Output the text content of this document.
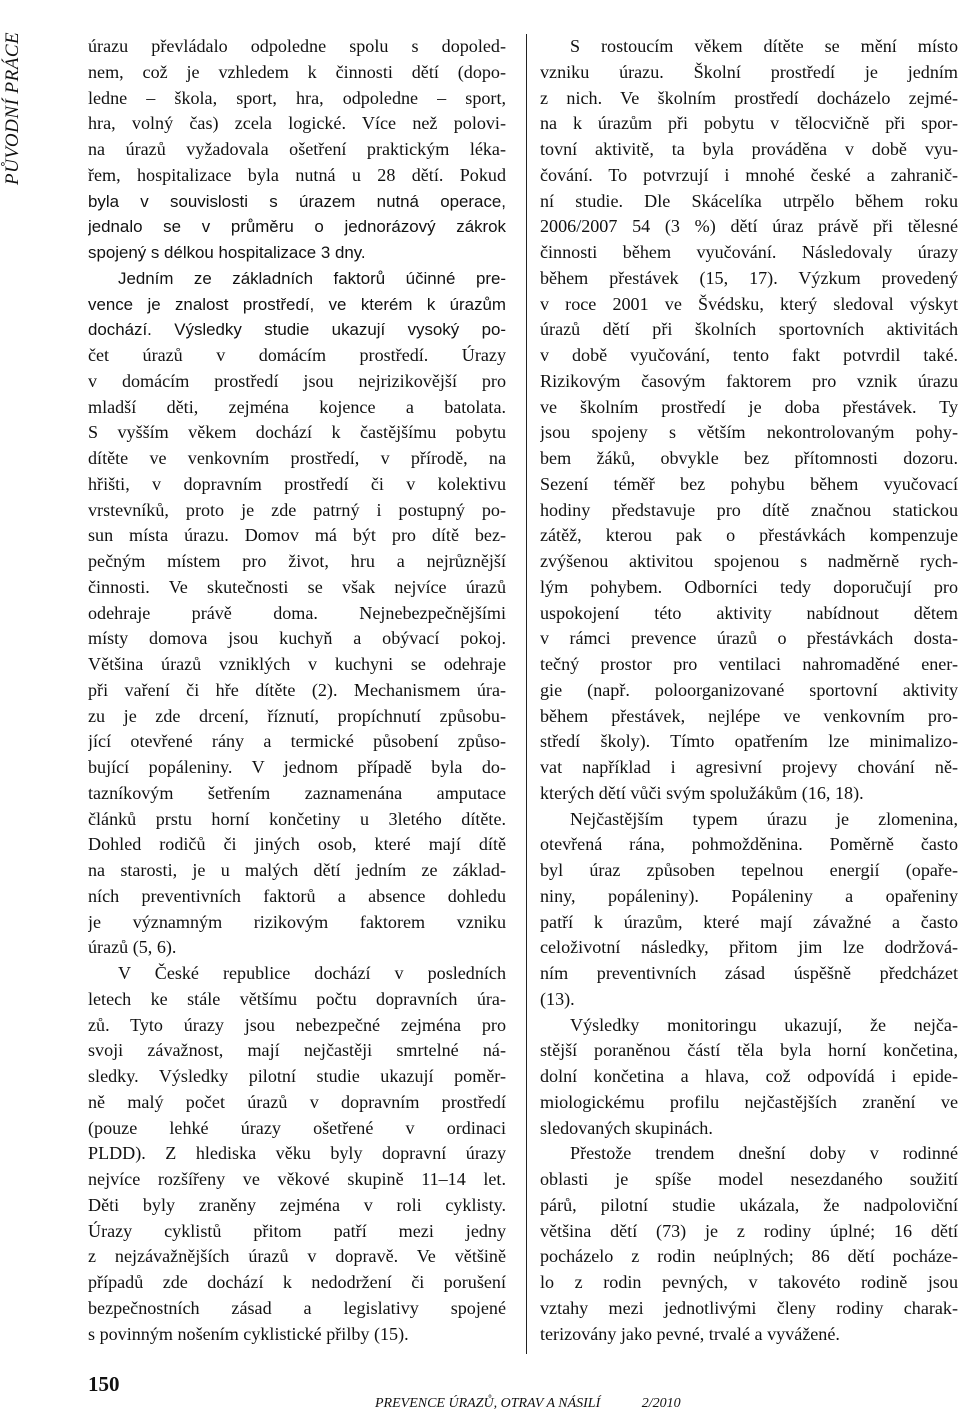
PŮVODNÍ PRÁCE	úrazu převládalo odpoledne spolu s dopoled-
nem, což je vzhledem k činnosti dětí (dopo-
ledne – škola, sport, hra, odpoledne – sport,
hra, volný čas) zcela logické. Více než polovi-
na úrazů vyžadovala ošetření praktickým léka-
řem, hospitalizace byla nutná u 28 dětí. Pokud
byla v souvislosti s úrazem nutná operace,
jednalo se v průměru o jednorázový zákrok
spojený s délkou hospitalizace 3 dny.
Jedním ze základních faktorů účinné pre-
vence je znalost prostředí, ve kterém k úrazům
dochází. Výsledky studie ukazují vysoký po-
čet úrazů v domácím prostředí. Úrazy
v domácím prostředí jsou nejrizikovější pro
mladší děti, zejména kojence a batolata.
S vyšším věkem dochází k častějšímu pobytu
dítěte ve venkovním prostředí, v přírodě, na
hřišti, v dopravním prostředí či v kolektivu
vrstevníků, proto je zde patrný i postupný po-
sun místa úrazu. Domov má být pro dítě bez-
pečným místem pro život, hru a nejrůznější
činnosti. Ve skutečnosti se však nejvíce úrazů
odehraje právě doma. Nejnebezpečnějšími
místy domova jsou kuchyň a obývací pokoj.
Většina úrazů vzniklých v kuchyni se odehraje
při vaření či hře dítěte (2). Mechanismem úra-
zu je zde drcení, říznutí, propíchnutí způsobu-
jící otevřené rány a termické působení způso-
bující popáleniny. V jednom případě byla do-
tazníkovým šetřením zaznamenána amputace
článků prstu horní končetiny u 3letého dítěte.
Dohled rodičů či jiných osob, které mají dítě
na starosti, je u malých dětí jedním ze základ-
ních preventivních faktorů a absence dohledu
je významným rizikovým faktorem vzniku
úrazů (5, 6).
V České republice dochází v posledních
letech ke stále většímu počtu dopravních úra-
zů. Tyto úrazy jsou nebezpečné zejména pro
svoji závažnost, mají nejčastěji smrtelné ná-
sledky. Výsledky pilotní studie ukazují poměr-
ně malý počet úrazů v dopravním prostředí
(pouze lehké úrazy ošetřené v ordinaci
PLDD). Z hlediska věku byly dopravní úrazy
nejvíce rozšířeny ve věkové skupině 11–14 let.
Děti byly zraněny zejména v roli cyklisty.
Úrazy cyklistů přitom patří mezi jedny
z nejzávažnějších úrazů v dopravě. Ve většině
případů zde dochází k nedodržení či porušení
bezpečnostních zásad a legislativy spojené
s povinným nošením cyklistické přilby (15).
S rostoucím věkem dítěte se mění místo
vzniku úrazu. Školní prostředí je jedním
z nich. Ve školním prostředí docházelo zejmé-
na k úrazům při pobytu v tělocvičně při spor-
tovní aktivitě, ta byla prováděna v době vyu-
čování. To potvrzují i mnohé české a zahranič-
ní studie. Dle Skácelíka utrpělo během roku
2006/2007 54 (3 %) dětí úraz právě při tělesné
činnosti během vyučování. Následovaly úrazy
během přestávek (15, 17). Výzkum provedený
v roce 2001 ve Švédsku, který sledoval výskyt
úrazů dětí při školních sportovních aktivitách
v době vyučování, tento fakt potvrdil také.
Rizikovým časovým faktorem pro vznik úrazu
ve školním prostředí je doba přestávek. Ty
jsou spojeny s větším nekontrolovaným pohy-
bem žáků, obvykle bez přítomnosti dozoru.
Sezení téměř bez pohybu během vyučovací
hodiny představuje pro dítě značnou statickou
zátěž, kterou pak o přestávkách kompenzuje
zvýšenou aktivitou spojenou s nadměrně rych-
lým pohybem. Odborníci tedy doporučují pro
uspokojení této aktivity nabídnout dětem
v rámci prevence úrazů o přestávkách dosta-
tečný prostor pro ventilaci nahromaděné ener-
gie (např. poloorganizované sportovní aktivity
během přestávek, nejlépe ve venkovním pro-
středí školy). Tímto opatřením lze minimalizo-
vat například i agresivní projevy chování ně-
kterých dětí vůči svým spolužákům (16, 18).
Nejčastějším typem úrazu je zlomenina,
otevřená rána, pohmožděnina. Poměrně často
byl úraz způsoben tepelnou energií (opaře-
niny, popáleniny). Popáleniny a opařeniny
patří k úrazům, které mají závažné a často
celoživotní následky, přitom jim lze dodržová-
ním preventivních zásad úspěšně předcházet
(13).
Výsledky monitoringu ukazují, že nejča-
stější poraněnou částí těla byla horní končetina,
dolní končetina a hlava, což odpovídá i epide-
miologickému profilu nejčastějších zranění ve
sledovaných skupinách.
Přestože trendem dnešní doby v rodinné
oblasti je spíše model nesezdaného soužití
párů, pilotní studie ukázala, že nadpoloviční
většina dětí (73) je z rodiny úplné; 16 dětí
pocházelo z rodin neúplných; 86 dětí pocháze-
lo z rodin pevných, v takovéto rodině jsou
vztahy mezi jednotlivými členy rodiny charak-
terizovány jako pevné, trvalé a vyvážené.
150
PREVENCE ÚRAZŮ, OTRAV A NÁSILÍ	2/2010
